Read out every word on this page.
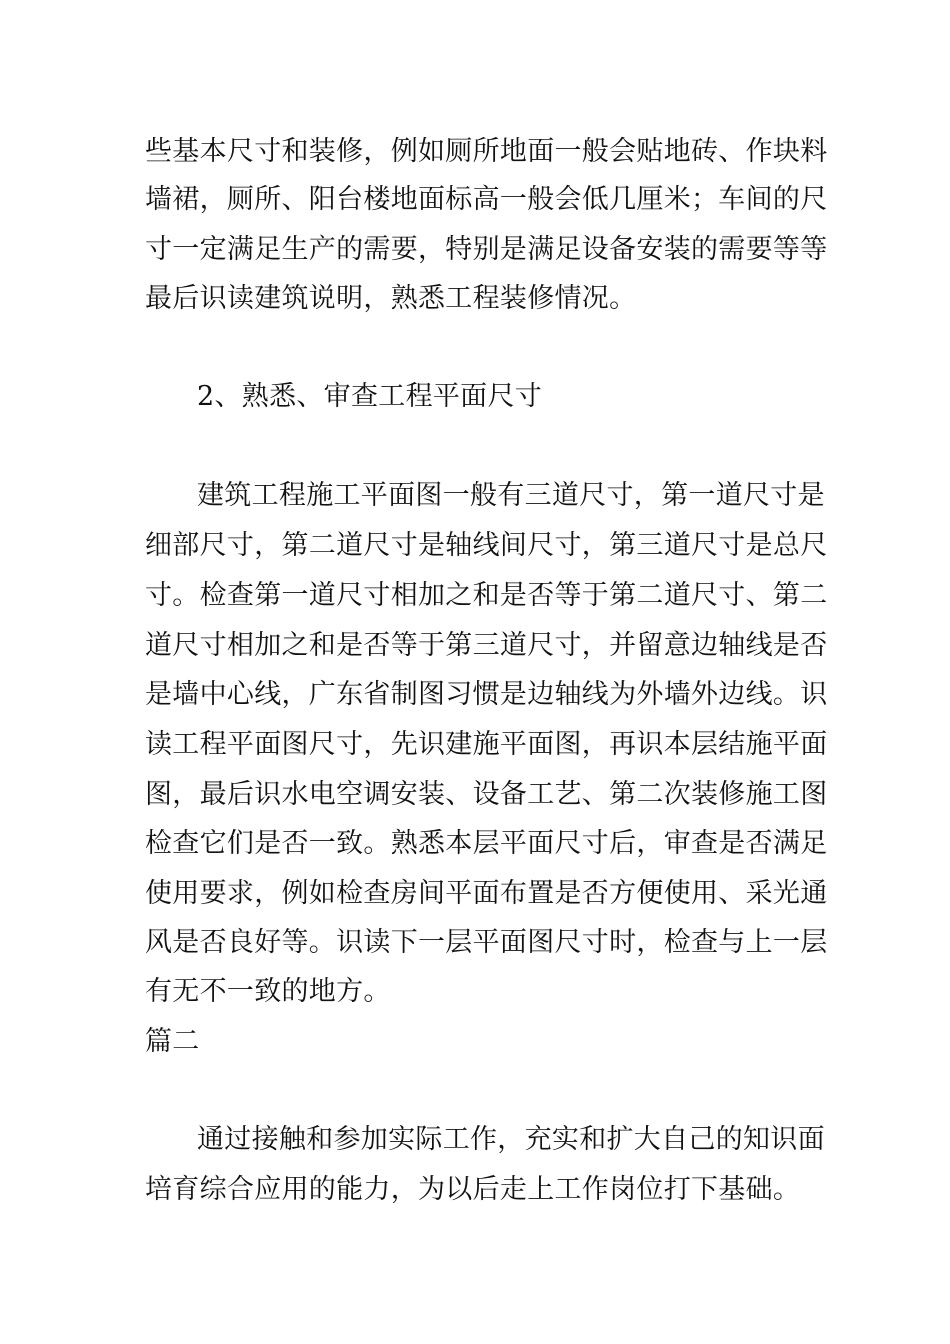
些基本尺寸和装修，例如厕所地面一般会贴地砖、作块料
墙裙，厕所、阳台楼地面标高一般会低几厘米；车间的尺
寸一定满足生产的需要，特别是满足设备安装的需要等等
最后识读建筑说明，熟悉工程装修情况。
2、熟悉、审查工程平面尺寸
建筑工程施工平面图一般有三道尺寸，第一道尺寸是
细部尺寸，第二道尺寸是轴线间尺寸，第三道尺寸是总尺
寸。检查第一道尺寸相加之和是否等于第二道尺寸、第二
道尺寸相加之和是否等于第三道尺寸，并留意边轴线是否
是墙中心线，广东省制图习惯是边轴线为外墙外边线。识
读工程平面图尺寸，先识建施平面图，再识本层结施平面
图，最后识水电空调安装、设备工艺、第二次装修施工图
检查它们是否一致。熟悉本层平面尺寸后，审查是否满足
使用要求，例如检查房间平面布置是否方便使用、采光通
风是否良好等。识读下一层平面图尺寸时，检查与上一层
有无不一致的地方。
篇二
通过接触和参加实际工作，充实和扩大自己的知识面
培育综合应用的能力，为以后走上工作岗位打下基础。
